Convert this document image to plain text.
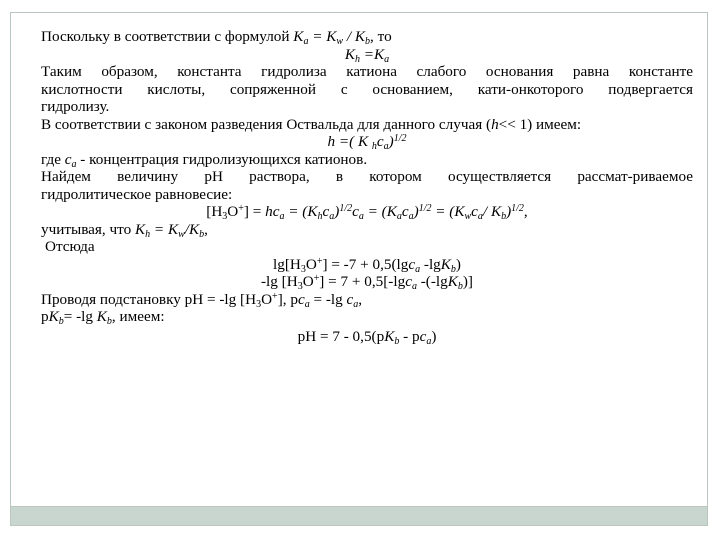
Поскольку в соответствии с формулой $K_a = K_w / K_b$, то
$K_h =K_a$
Таким образом, константа гидролиза катиона слабого основания равна константе
кислотности кислоты, сопряженной с основанием, кати-онкоторого подвергается
гидролизу.
В соответствии с законом разведения Оствальда для данного случая (h<< 1) имеем:
h =( K $_hc_a)^{1/2}$
где $c_a$ - концентрация гидролизующихся катионов.
Найдем величину рН раствора, в котором осуществляется рассмат-риваемое
гидролитическое равновесие:
$[H_3O^+] = hc_a = (K_hc_a)^{1/2}c_a = (K_ac_a)^{1/2} = (K_wc_a/$ $K_b)^{1/2}$,
учитывая, что $K_h = K_w/K_b$,
Отсюда
$\lg[H_3O^+] = -7 + 0,5(\lg c_a$ -lgK$_b$)
-lg $[H_3O^+] = 7 + 0,5[-\lg c_a$ -(-lgK$_b$)]
Проводя подстановку pH = -lg $[H_3O^+]$, $pc_a = -\lg$ $c_a$,
$pK_b= -\lg$ $K_b$, имеем:
pH = $7 - 0,5(pK_b - pc_a)$
